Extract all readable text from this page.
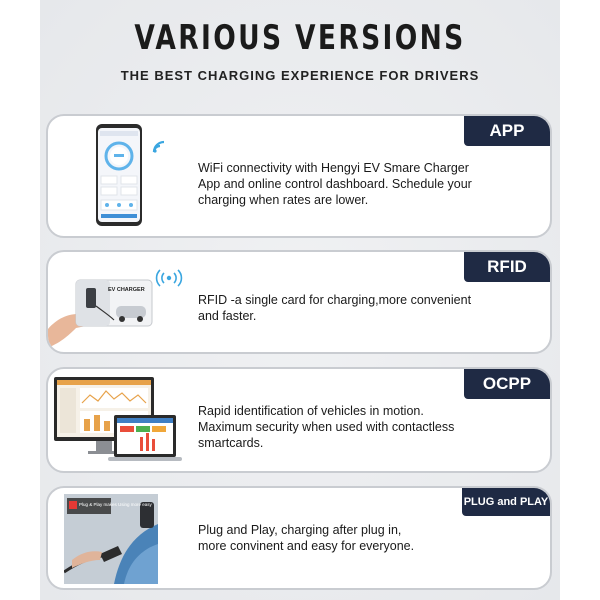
VARIOUS VERSIONS
THE BEST CHARGING EXPERIENCE FOR DRIVERS
APP
WiFi connectivity with Hengyi EV Smare Charger
App and online control dashboard. Schedule your
charging when rates are lower.
RFID
EV CHARGER
RFID -a single card for charging,more convenient
and faster.
OCPP
Rapid identification of vehicles in motion.
Maximum security when used with contactless
smartcards.
PLUG and PLAY
Plug & Play makes Using more easy
Plug and Play, charging after plug in,
more convinent and easy for everyone.
